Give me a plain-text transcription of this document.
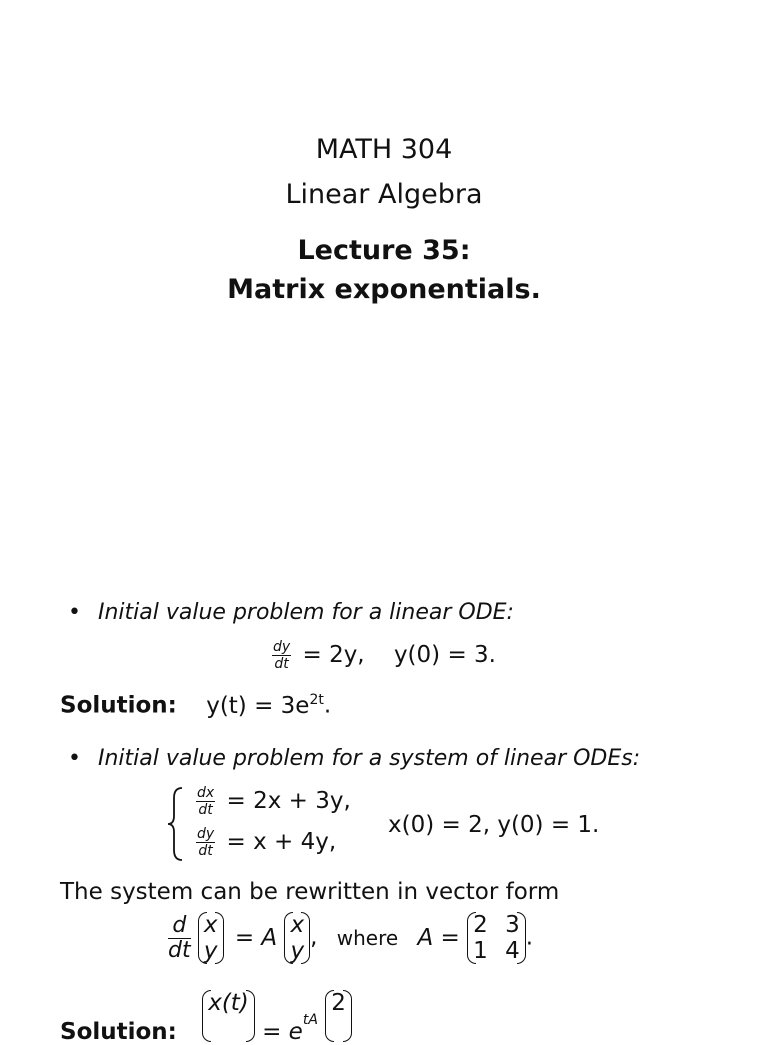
MATH 304
Linear Algebra
Lecture 35:
Matrix exponentials.
• Initial value problem for a linear ODE:
$\frac{dy}{dt} = 2y$, y(0) = 3.
Solution: $y(t) = 3e^{2t}$.
• Initial value problem for a system of linear ODEs:
$\frac{dx}{dt} = 2x + 3y$,
$\frac{dy}{dt} = x + 4y$,
x(0) = 2, y(0) = 1.
The system can be rewritten in vector form
$\frac{d}{dt}$
x
y
= A x
y
, where A = 2 3
1 4
.
Solution:
x(t)

= $e^{tA}$
2
